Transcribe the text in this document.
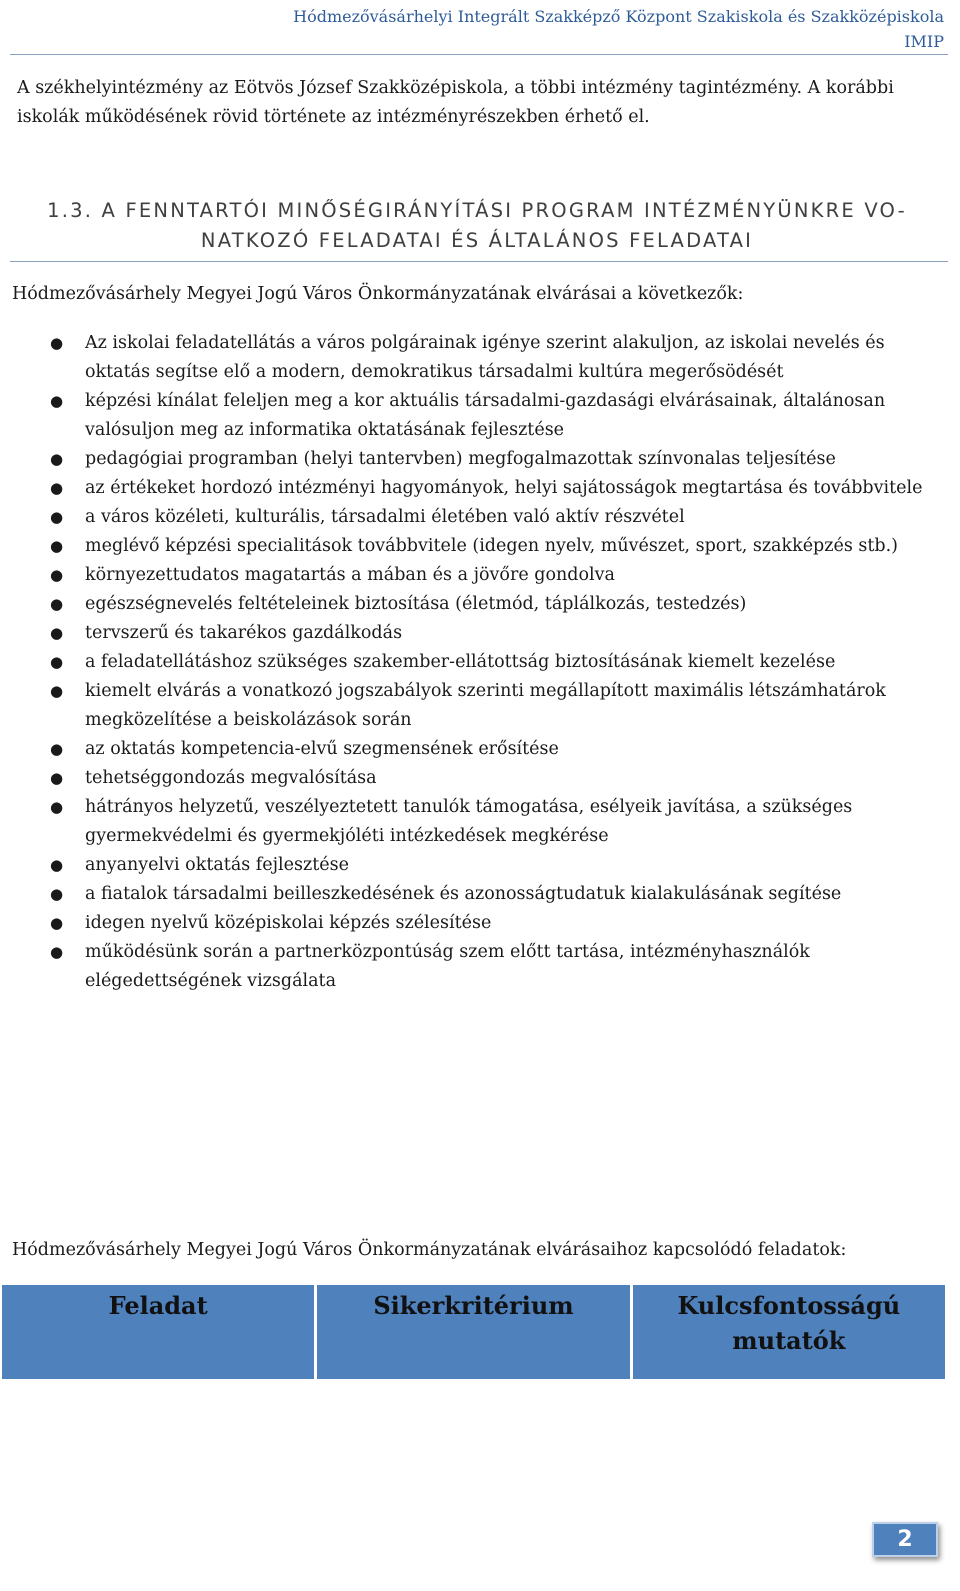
Hódmezővásárhelyi Integrált Szakképző Központ Szakiskola és Szakközépiskola
IMIP

A székhelyintézmény az Eötvös József Szakközépiskola, a többi intézmény tagintézmény. A korábbi iskolák működésének rövid története az intézményrészekben érhető el.

1.3. A FENNTARTÓI MINŐSÉGIRÁNYÍTÁSI PROGRAM INTÉZMÉNYÜNKRE VO-
NATKOZÓ FELADATAI ÉS ÁLTALÁNOS FELADATAI

Hódmezővásárhely Megyei Jogú Város Önkormányzatának elvárásai a következők:

● Az iskolai feladatellátás a város polgárainak igénye szerint alakuljon, az iskolai nevelés és oktatás segítse elő a modern, demokratikus társadalmi kultúra megerősödését
● képzési kínálat feleljen meg a kor aktuális társadalmi-gazdasági elvárásainak, általánosan valósuljon meg az informatika oktatásának fejlesztése
● pedagógiai programban (helyi tantervben) megfogalmazottak színvonalas teljesítése
● az értékeket hordozó intézményi hagyományok, helyi sajátosságok megtartása és továbbvitele
● a város közéleti, kulturális, társadalmi életében való aktív részvétel
● meglévő képzési specialitások továbbvitele (idegen nyelv, művészet, sport, szakképzés stb.)
● környezettudatos magatartás a mában és a jövőre gondolva
● egészségnevelés feltételeinek biztosítása (életmód, táplálkozás, testedzés)
● tervszerű és takarékos gazdálkodás
● a feladatellátáshoz szükséges szakember-ellátottság biztosításának kiemelt kezelése
● kiemelt elvárás a vonatkozó jogszabályok szerinti megállapított maximális létszámhatárok megközelítése a beiskolázások során
● az oktatás kompetencia-elvű szegmensének erősítése
● tehetséggondozás megvalósítása
● hátrányos helyzetű, veszélyeztetett tanulók támogatása, esélyeik javítása, a szükséges gyermekvédelmi és gyermekjóléti intézkedések megkérése
● anyanyelvi oktatás fejlesztése
● a fiatalok társadalmi beilleszkedésének és azonosságtudatuk kialakulásának segítése
● idegen nyelvű középiskolai képzés szélesítése
● működésünk során a partnerközpontúság szem előtt tartása, intézményhasználók elégedettségének vizsgálata

Hódmezővásárhely Megyei Jogú Város Önkormányzatának elvárásaihoz kapcsolódó feladatok:

Feladat	Sikerkritérium	Kulcsfontosságú mutatók
2
